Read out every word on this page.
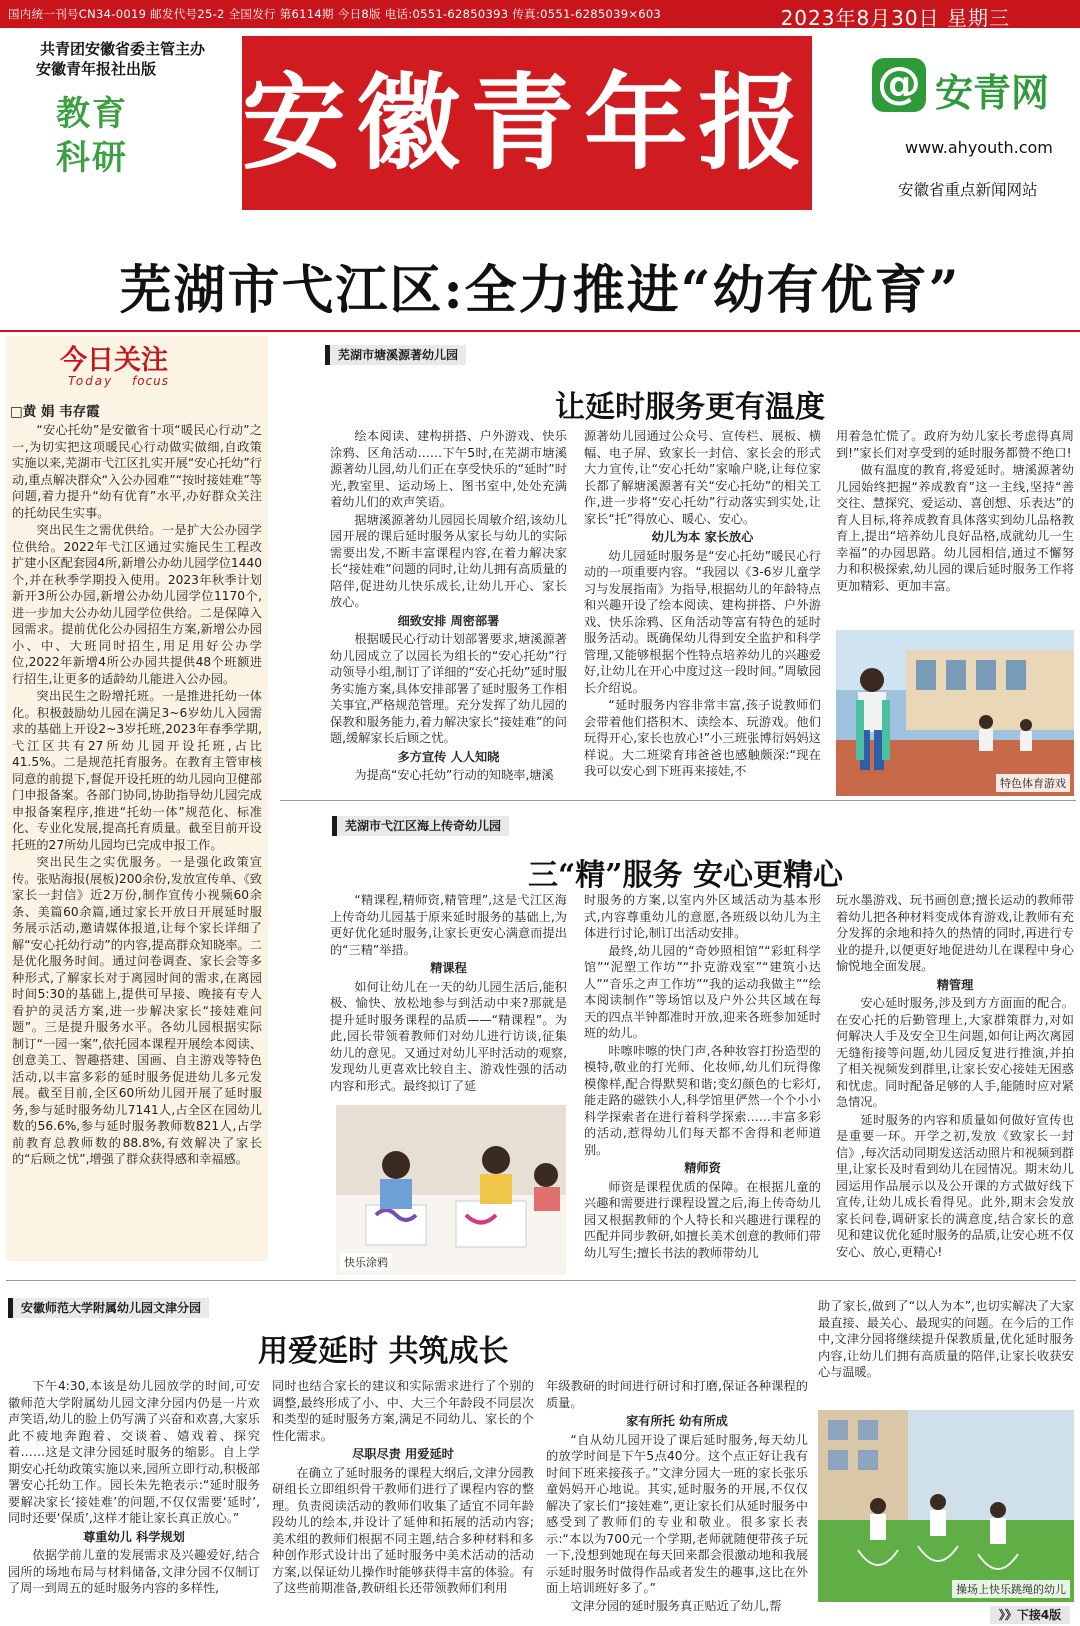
国内统一刊号CN34-0019 邮发代号25-2 全国发行 第6114期 今日8版 电话:0551-62850393 传真:0551-6285039×603	2023年8月30日 星期三
共青团安徽省委主管主办
安徽青年报社出版
教育
科研	安徽青年报 @ 安青网
www.ahyouth.com
安徽省重点新闻网站
芜湖市弋江区:全力推进“幼有优育”
今日关注
Today focus
□黄 娟 韦存霞

“安心托幼”是安徽省十项“暖民心行动”之一,为切实把这项暖民心行动做实做细,自政策实施以来,芜湖市弋江区扎实开展“安心托幼”行动,重点解决群众“入公办园难”“按时接娃难”等问题,着力提升“幼有优育”水平,办好群众关注的托幼民生实事。

突出民生之需优供给。一是扩大公办园学位供给。2022年弋江区通过实施民生工程改扩建小区配套园4所,新增公办幼儿园学位1440个,并在秋季学期投入使用。2023年秋季计划新开3所公办园,新增公办幼儿园学位1170个,进一步加大公办幼儿园学位供给。二是保障入园需求。提前优化公办园招生方案,新增公办园小、中、大班同时招生,用足用好公办学位,2022年新增4所公办园共提供48个班额进行招生,让更多的适龄幼儿能进入公办园。

突出民生之盼增托班。一是推进托幼一体化。积极鼓励幼儿园在满足3~6岁幼儿入园需求的基础上开设2~3岁托班,2023年春季学期,弋江区共有27所幼儿园开设托班,占比41.5%。二是规范托育服务。在教育主管审核同意的前提下,督促开设托班的幼儿园向卫健部门申报备案。各部门协同,协助指导幼儿园完成申报备案程序,推进“托幼一体”规范化、标准化、专业化发展,提高托育质量。截至目前开设托班的27所幼儿园均已完成申报工作。

突出民生之实优服务。一是强化政策宣传。张贴海报(展板)200余份,发放宣传单、《致家长一封信》近2万份,制作宣传小视频60余条、美篇60余篇,通过家长开放日开展延时服务展示活动,邀请媒体报道,让每个家长详细了解“安心托幼行动”的内容,提高群众知晓率。二是优化服务时间。通过问卷调查、家长会等多种形式,了解家长对于离园时间的需求,在离园时间5:30的基础上,提供可早接、晚接有专人看护的灵活方案,进一步解决家长“接娃难问题”。三是提升服务水平。各幼儿园根据实际制订“一园一案”,依托园本课程开展绘本阅读、创意美工、智趣搭建、国画、自主游戏等特色活动,以丰富多彩的延时服务促进幼儿多元发展。截至目前,全区60所幼儿园开展了延时服务,参与延时服务幼儿7141人,占全区在园幼儿数的56.6%,参与延时服务教师数821人,占学前教育总教师数的88.8%,有效解决了家长的“后顾之忧”,增强了群众获得感和幸福感。

芜湖市塘溪源著幼儿园
让延时服务更有温度

绘本阅读、建构拼搭、户外游戏、快乐涂鸦、区角活动……下午5时,在芜湖市塘溪源著幼儿园,幼儿们正在享受快乐的“延时”时光,教室里、运动场上、图书室中,处处充满着幼儿们的欢声笑语。

据塘溪源著幼儿园园长周敏介绍,该幼儿园开展的课后延时服务从家长与幼儿的实际需要出发,不断丰富课程内容,在着力解决家长“接娃难”问题的同时,让幼儿拥有高质量的陪伴,促进幼儿快乐成长,让幼儿开心、家长放心。

细致安排 周密部署

根据暖民心行动计划部署要求,塘溪源著幼儿园成立了以园长为组长的“安心托幼”行动领导小组,制订了详细的“安心托幼”延时服务实施方案,具体安排部署了延时服务工作相关事宜,严格规范管理。充分发挥了幼儿园的保教和服务能力,着力解决家长“接娃难”的问题,缓解家长后顾之忧。

多方宣传 人人知晓

为提高“安心托幼”行动的知晓率,塘溪

源著幼儿园通过公众号、宣传栏、展板、横幅、电子屏、致家长一封信、家长会的形式大力宣传,让“安心托幼”家喻户晓,让每位家长都了解塘溪源著有关“安心托幼”的相关工作,进一步将“安心托幼”行动落实到实处,让家长“托”得放心、暖心、安心。

幼儿为本 家长放心

幼儿园延时服务是“安心托幼”暖民心行动的一项重要内容。“我园以《3-6岁儿童学习与发展指南》为指导,根据幼儿的年龄特点和兴趣开设了绘本阅读、建构拼搭、户外游戏、快乐涂鸦、区角活动等富有特色的延时服务活动。既确保幼儿得到安全监护和科学管理,又能够根据个性特点培养幼儿的兴趣爱好,让幼儿在开心中度过这一段时间。”周敏园长介绍说。

“延时服务内容非常丰富,孩子说教师们会带着他们搭积木、读绘本、玩游戏。他们玩得开心,家长也放心!”小三班张博衍妈妈这样说。大二班梁育玮爸爸也感触颇深:“现在我可以安心到下班再来接娃,不

用着急忙慌了。政府为幼儿家长考虑得真周到!”家长们对享受到的延时服务都赞不绝口!

做有温度的教育,将爱延时。塘溪源著幼儿园始终把握“养成教育”这一主线,坚持“善交往、慧探究、爱运动、喜创想、乐表达”的育人目标,将养成教育具体落实到幼儿品格教育上,提出“培养幼儿良好品格,成就幼儿一生幸福”的办园思路。幼儿园相信,通过不懈努力和积极探索,幼儿园的课后延时服务工作将更加精彩、更加丰富。

特色体育游戏
芜湖市弋江区海上传奇幼儿园
三“精”服务 安心更精心

“精课程,精师资,精管理”,这是弋江区海上传奇幼儿园基于原来延时服务的基础上,为更好优化延时服务,让家长更安心满意而提出的“三精”举措。

精课程

如何让幼儿在一天的幼儿园生活后,能积极、愉快、放松地参与到活动中来?那就是提升延时服务课程的品质——“精课程”。为此,园长带领着教师们对幼儿进行访谈,征集幼儿的意见。又通过对幼儿平时活动的观察,发现幼儿更喜欢比较自主、游戏性强的活动内容和形式。最终拟订了延

快乐涂鸦

时服务的方案,以室内外区域活动为基本形式,内容尊重幼儿的意愿,各班级以幼儿为主体进行讨论,制订出活动安排。

最终,幼儿园的“奇妙照相馆”“彩虹科学馆”“泥塑工作坊”“扑克游戏室”“建筑小达人”“音乐之声工作坊”“我的运动我做主”“绘本阅读制作”等场馆以及户外公共区域在每天的四点半钟都准时开放,迎来各班参加延时班的幼儿。

咔嚓咔嚓的快门声,各种妆容打扮造型的模特,敬业的打光师、化妆师,幼儿们玩得像模像样,配合得默契和谐;变幻颜色的七彩灯,能走路的磁铁小人,科学馆里俨然一个个小小科学探索者在进行着科学探索……丰富多彩的活动,惹得幼儿们每天都不舍得和老师道别。

精师资

师资是课程优质的保障。在根据儿童的兴趣和需要进行课程设置之后,海上传奇幼儿园又根据教师的个人特长和兴趣进行课程的匹配并同步教研,如擅长美术创意的教师们带幼儿写生;擅长书法的教师带幼儿

玩水墨游戏、玩书画创意;擅长运动的教师带着幼儿把各种材料变成体育游戏,让教师有充分发挥的余地和持久的热情的同时,再进行专业的提升,以便更好地促进幼儿在课程中身心愉悦地全面发展。

精管理

安心延时服务,涉及到方方面面的配合。在安心托的后勤管理上,大家群策群力,对如何解决人手及安全卫生问题,如何让两次离园无缝衔接等问题,幼儿园反复进行推演,并拍了相关视频发到群里,让家长安心接娃无困惑和忧虑。同时配备足够的人手,能随时应对紧急情况。

延时服务的内容和质量如何做好宣传也是重要一环。开学之初,发放《致家长一封信》,每次活动同期发送活动照片和视频到群里,让家长及时看到幼儿在园情况。期末幼儿园运用作品展示以及公开课的方式做好线下宣传,让幼儿成长看得见。此外,期末会发放家长问卷,调研家长的满意度,结合家长的意见和建议优化延时服务的品质,让安心班不仅安心、放心,更精心!

安徽师范大学附属幼儿园文津分园
用爱延时 共筑成长

下午4:30,本该是幼儿园放学的时间,可安徽师范大学附属幼儿园文津分园内仍是一片欢声笑语,幼儿的脸上仍写满了兴奋和欢喜,大家乐此不疲地奔跑着、交谈着、嬉戏着、探究着……这是文津分园延时服务的缩影。自上学期安心托幼政策实施以来,园所立即行动,积极部署安心托幼工作。园长朱先艳表示:“延时服务要解决家长‘接娃难’的问题,不仅仅需要‘延时’,同时还要‘保质’,这样才能让家长真正放心。”

尊重幼儿 科学规划

依据学前儿童的发展需求及兴趣爱好,结合园所的场地布局与材料储备,文津分园不仅制订了周一到周五的延时服务内容的多样性,

同时也结合家长的建议和实际需求进行了个别的调整,最终形成了小、中、大三个年龄段不同层次和类型的延时服务方案,满足不同幼儿、家长的个性化需求。

尽职尽责 用爱延时

在确立了延时服务的课程大纲后,文津分园教研组长立即组织骨干教师们进行了课程内容的整理。负责阅读活动的教师们收集了适宜不同年龄段幼儿的绘本,并设计了延伸和拓展的活动内容;美术组的教师们根据不同主题,结合多种材料和多种创作形式设计出了延时服务中美术活动的活动方案,以保证幼儿操作时能够获得丰富的体验。有了这些前期准备,教研组长还带领教师们利用

年级教研的时间进行研讨和打磨,保证各种课程的质量。

家有所托 幼有所成

“自从幼儿园开设了课后延时服务,每天幼儿的放学时间是下午5点40分。这个点正好让我有时间下班来接孩子。”文津分园大一班的家长张乐童妈妈开心地说。其实,延时服务的开展,不仅仅解决了家长们“接娃难”,更让家长们从延时服务中感受到了教师们的专业和敬业。很多家长表示:“本以为700元一个学期,老师就随便带孩子玩一下,没想到她现在每天回来都会很激动地和我展示延时服务时做得作品或者发生的趣事,这比在外面上培训班好多了。”

文津分园的延时服务真正贴近了幼儿,帮

助了家长,做到了“以人为本”,也切实解决了大家最直接、最关心、最现实的问题。在今后的工作中,文津分园将继续提升保教质量,优化延时服务内容,让幼儿们拥有高质量的陪伴,让家长收获安心与温暖。

操场上快乐跳绳的幼儿
》》下接4版
